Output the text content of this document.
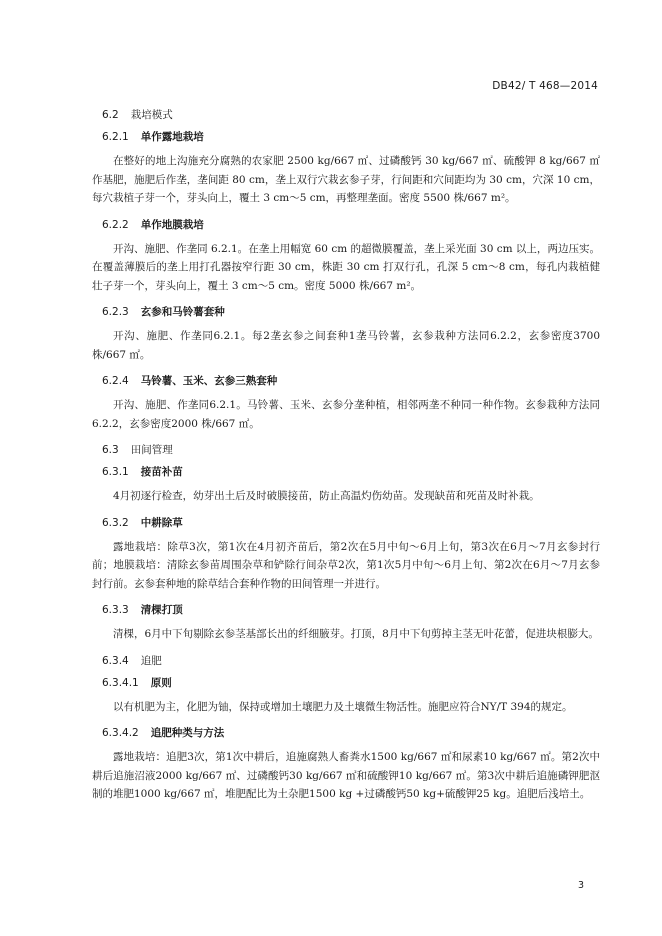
DB42/ T 468—2014
6.2 栽培模式
6.2.1 单作露地栽培

在整好的地上沟施充分腐熟的农家肥 2500 kg/667 ㎡、过磷酸钙 30 kg/667 ㎡、硫酸钾 8 kg/667 ㎡作基肥，施肥后作垄，垄间距 80 cm，垄上双行穴栽玄参子芽，行间距和穴间距均为 30 cm，穴深 10 cm，每穴栽植子芽一个，芽头向上，覆土 3 cm～5 cm，再整理垄面。密度 5500 株/667 m²。

6.2.2 单作地膜栽培

开沟、施肥、作垄同 6.2.1。在垄上用幅宽 60 cm 的超微膜覆盖，垄上采光面 30 cm 以上，两边压实。在覆盖薄膜后的垄上用打孔器按窄行距 30 cm，株距 30 cm 打双行孔，孔深 5 cm～8 cm，每孔内栽植健壮子芽一个，芽头向上，覆土 3 cm～5 cm。密度 5000 株/667 m²。

6.2.3 玄参和马铃薯套种

开沟、施肥、作垄同6.2.1。每2垄玄参之间套种1垄马铃薯，玄参栽种方法同6.2.2，玄参密度3700株/667 ㎡。

6.2.4 马铃薯、玉米、玄参三熟套种

开沟、施肥、作垄同6.2.1。马铃薯、玉米、玄参分垄种植，相邻两垄不种同一种作物。玄参栽种方法同6.2.2，玄参密度2000 株/667 ㎡。

6.3 田间管理
6.3.1 接苗补苗

4月初逐行检查，幼芽出土后及时破膜接苗，防止高温灼伤幼苗。发现缺苗和死苗及时补栽。

6.3.2 中耕除草

露地栽培：除草3次，第1次在4月初齐苗后，第2次在5月中旬～6月上旬，第3次在6月～7月玄参封行前；地膜栽培：清除玄参苗周围杂草和铲除行间杂草2次，第1次5月中旬～6月上旬、第2次在6月～7月玄参封行前。玄参套种地的除草结合套种作物的田间管理一并进行。

6.3.3 清棵打顶

清棵，6月中下旬剔除玄参茎基部长出的纤细腋芽。打顶，8月中下旬剪掉主茎无叶花蕾，促进块根膨大。

6.3.4 追肥
6.3.4.1 原则

以有机肥为主，化肥为铀，保持或增加土壤肥力及土壤微生物活性。施肥应符合NY/T 394的规定。

6.3.4.2 追肥种类与方法

露地栽培：追肥3次，第1次中耕后，追施腐熟人畜粪水1500 kg/667 ㎡和尿素10 kg/667 ㎡。第2次中耕后追施沼液2000 kg/667 ㎡、过磷酸钙30 kg/667 ㎡和硫酸钾10 kg/667 ㎡。第3次中耕后追施磷钾肥沤制的堆肥1000 kg/667 ㎡，堆肥配比为土杂肥1500 kg +过磷酸钙50 kg+硫酸钾25 kg。追肥后浅培土。

3
